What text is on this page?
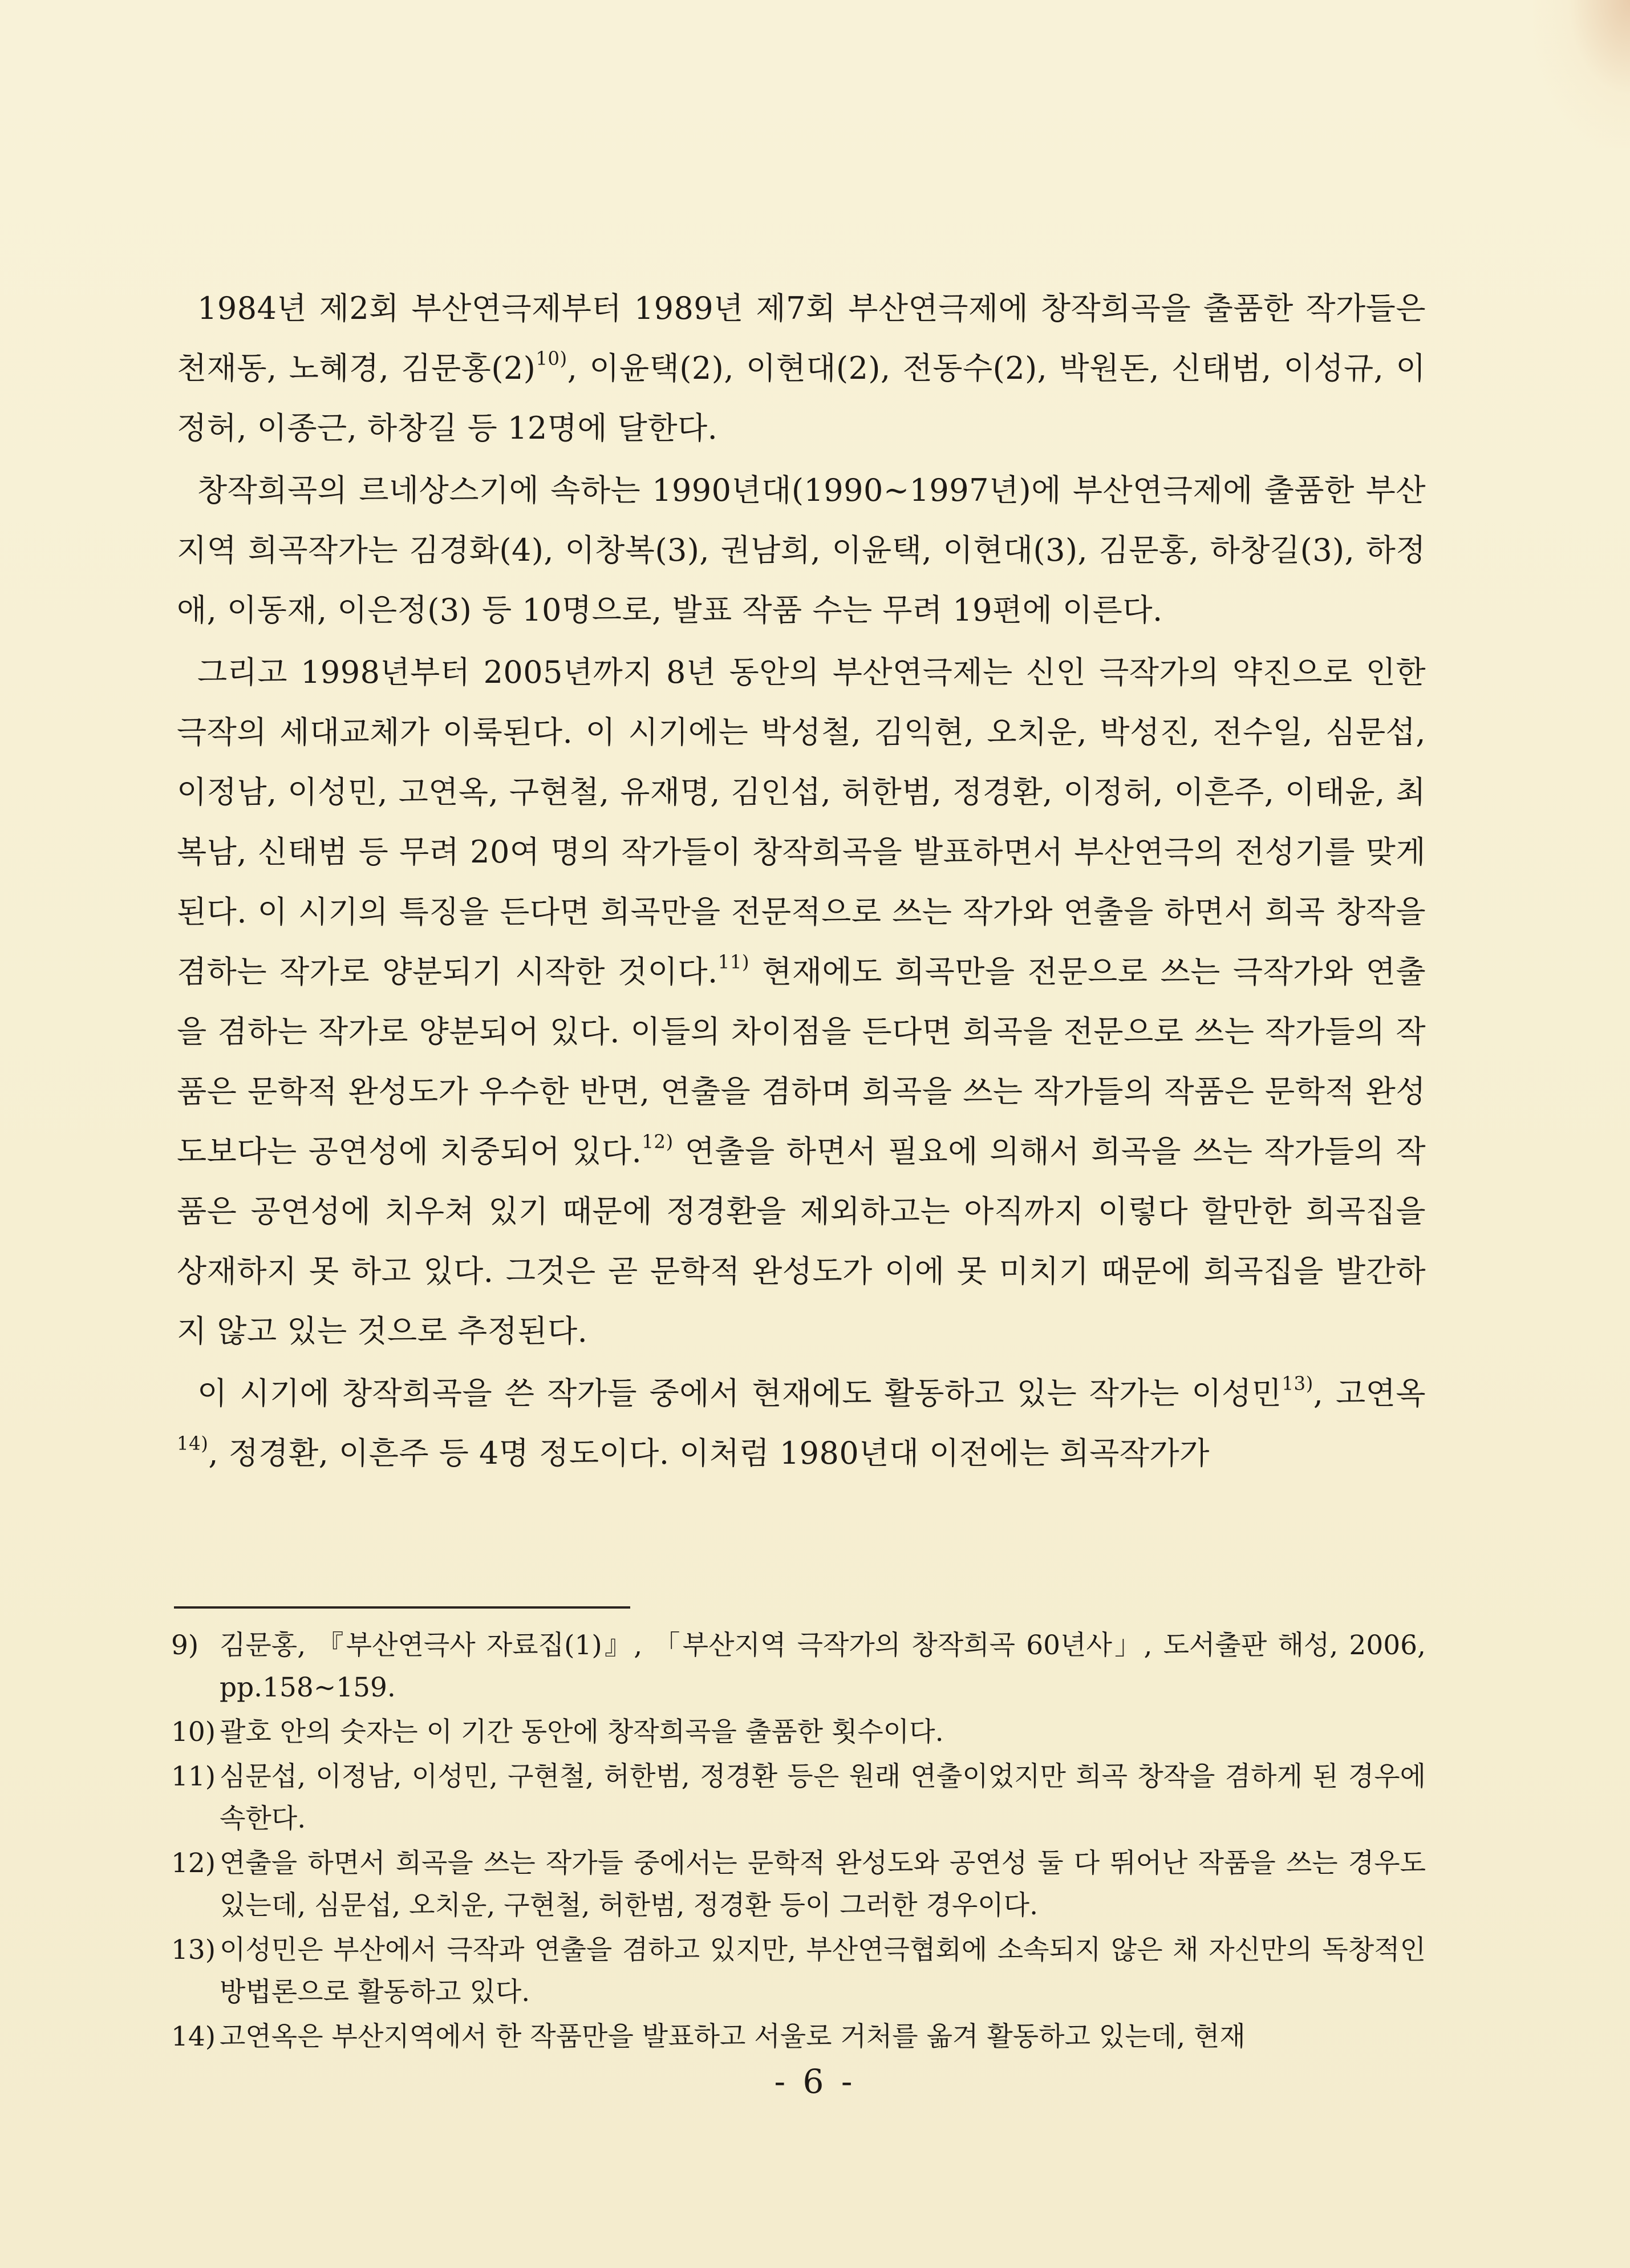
1984년 제2회 부산연극제부터 1989년 제7회 부산연극제에 창작희곡을 출품한 작가들은 천재동, 노혜경, 김문홍$(2)^{10)}$, 이윤택(2), 이현대(2), 전동수(2), 박원돈, 신태범, 이성규, 이정허, 이종근, 하창길 등 12명에 달한다.

창작희곡의 르네상스기에 속하는 1990년대(1990∼1997년)에 부산연극제에 출품한 부산지역 희곡작가는 김경화(4), 이창복(3), 권남희, 이윤택, 이현대(3), 김문홍, 하창길(3), 하정애, 이동재, 이은정(3) 등 10명으로, 발표 작품 수는 무려 19편에 이른다.

그리고 1998년부터 2005년까지 8년 동안의 부산연극제는 신인 극작가의 약진으로 인한 극작의 세대교체가 이룩된다. 이 시기에는 박성철, 김익현, 오치운, 박성진, 전수일, 심문섭, 이정남, 이성민, 고연옥, 구현철, 유재명, 김인섭, 허한범, 정경환, 이정허, 이흔주, 이태윤, 최복남, 신태범 등 무려 20여 명의 작가들이 창작희곡을 발표하면서 부산연극의 전성기를 맞게 된다. 이 시기의 특징을 든다면 희곡만을 전문적으로 쓰는 작가와 연출을 하면서 희곡 창작을 겸하는 작가로 양분되기 시작한 것이다.$^{11)}$ 현재에도 희곡만을 전문으로 쓰는 극작가와 연출을 겸하는 작가로 양분되어 있다. 이들의 차이점을 든다면 희곡을 전문으로 쓰는 작가들의 작품은 문학적 완성도가 우수한 반면, 연출을 겸하며 희곡을 쓰는 작가들의 작품은 문학적 완성도보다는 공연성에 치중되어 있다.$^{12)}$ 연출을 하면서 필요에 의해서 희곡을 쓰는 작가들의 작품은 공연성에 치우쳐 있기 때문에 정경환을 제외하고는 아직까지 이렇다 할만한 희곡집을 상재하지 못 하고 있다. 그것은 곧 문학적 완성도가 이에 못 미치기 때문에 희곡집을 발간하지 않고 있는 것으로 추정된다.

이 시기에 창작희곡을 쓴 작가들 중에서 현재에도 활동하고 있는 작가는 이성민$^{13)}$, 고연옥$^{14)}$, 정경환, 이흔주 등 4명 정도이다. 이처럼 1980년대 이전에는 희곡작가가

9) 김문홍, 『부산연극사 자료집(1)』, 「부산지역 극작가의 창작희곡 60년사」, 도서출판 해성, 2006, pp.158∼159.
10) 괄호 안의 숫자는 이 기간 동안에 창작희곡을 출품한 횟수이다.
11) 심문섭, 이정남, 이성민, 구현철, 허한범, 정경환 등은 원래 연출이었지만 희곡 창작을 겸하게 된 경우에 속한다.
12) 연출을 하면서 희곡을 쓰는 작가들 중에서는 문학적 완성도와 공연성 둘 다 뛰어난 작품을 쓰는 경우도 있는데, 심문섭, 오치운, 구현철, 허한범, 정경환 등이 그러한 경우이다.
13) 이성민은 부산에서 극작과 연출을 겸하고 있지만, 부산연극협회에 소속되지 않은 채 자신만의 독창적인 방법론으로 활동하고 있다.
14) 고연옥은 부산지역에서 한 작품만을 발표하고 서울로 거처를 옮겨 활동하고 있는데, 현재
- 6 -
